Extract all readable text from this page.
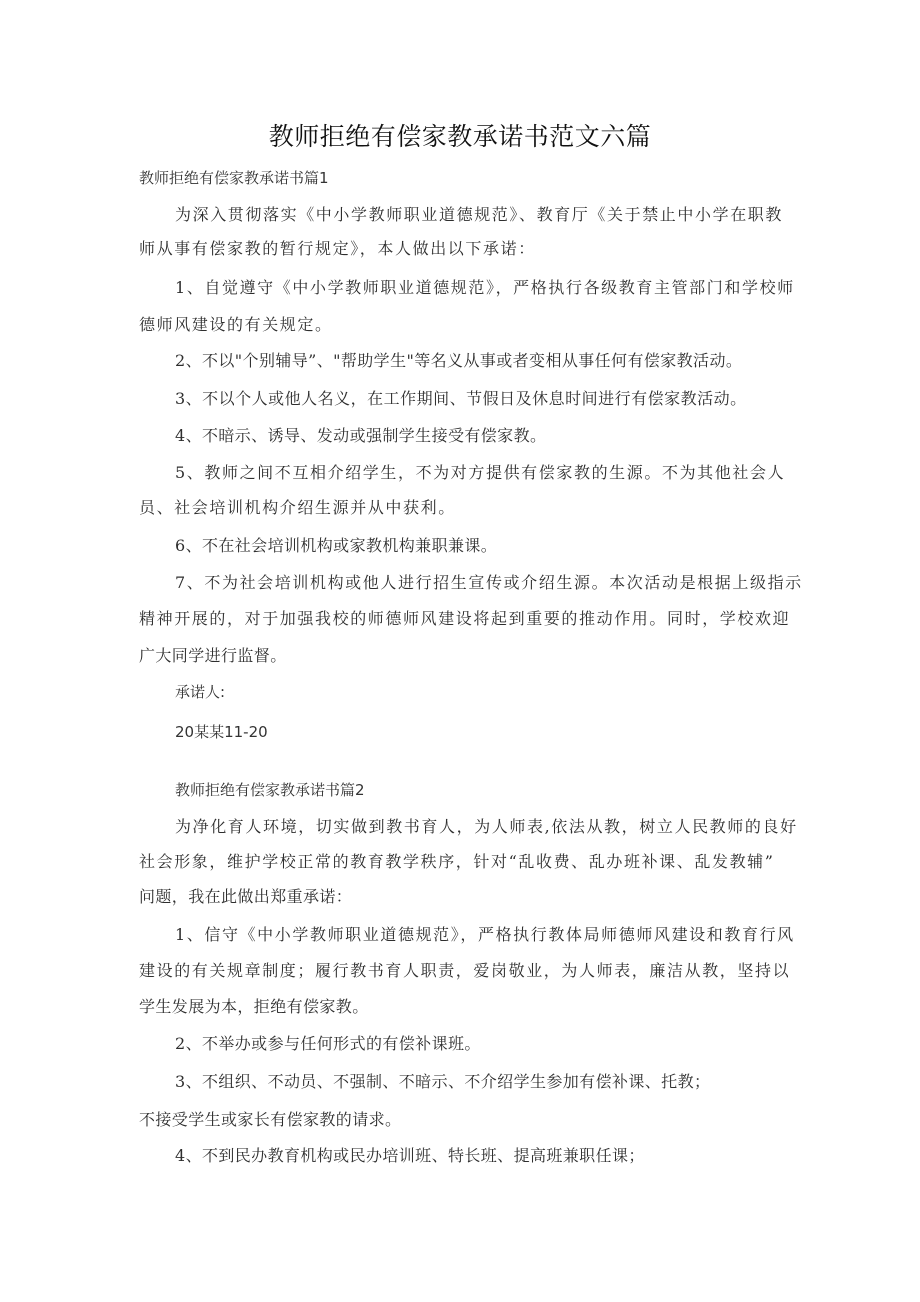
教师拒绝有偿家教承诺书范文六篇
教师拒绝有偿家教承诺书篇1
为深入贯彻落实《中小学教师职业道德规范》、教育厅《关于禁止中小学在职教
师从事有偿家教的暂行规定》，本人做出以下承诺：
1、自觉遵守《中小学教师职业道德规范》，严格执行各级教育主管部门和学校师
德师风建设的有关规定。
2、不以"个别辅导”、"帮助学生"等名义从事或者变相从事任何有偿家教活动。
3、不以个人或他人名义，在工作期间、节假日及休息时间进行有偿家教活动。
4、不暗示、诱导、发动或强制学生接受有偿家教。
5、教师之间不互相介绍学生，不为对方提供有偿家教的生源。不为其他社会人
员、社会培训机构介绍生源并从中获利。
6、不在社会培训机构或家教机构兼职兼课。
7、不为社会培训机构或他人进行招生宣传或介绍生源。本次活动是根据上级指示
精神开展的，对于加强我校的师德师风建设将起到重要的推动作用。同时，学校欢迎
广大同学进行监督。
承诺人:
20某某11-20
教师拒绝有偿家教承诺书篇2
为净化育人环境，切实做到教书育人，为人师表,依法从教，树立人民教师的良好
社会形象，维护学校正常的教育教学秩序，针对“乱收费、乱办班补课、乱发教辅”
问题，我在此做出郑重承诺：
1、信守《中小学教师职业道德规范》，严格执行教体局师德师风建设和教育行风
建设的有关规章制度；履行教书育人职责，爱岗敬业，为人师表，廉洁从教，坚持以
学生发展为本，拒绝有偿家教。
2、不举办或参与任何形式的有偿补课班。
3、不组织、不动员、不强制、不暗示、不介绍学生参加有偿补课、托教；
不接受学生或家长有偿家教的请求。
4、不到民办教育机构或民办培训班、特长班、提高班兼职任课；
